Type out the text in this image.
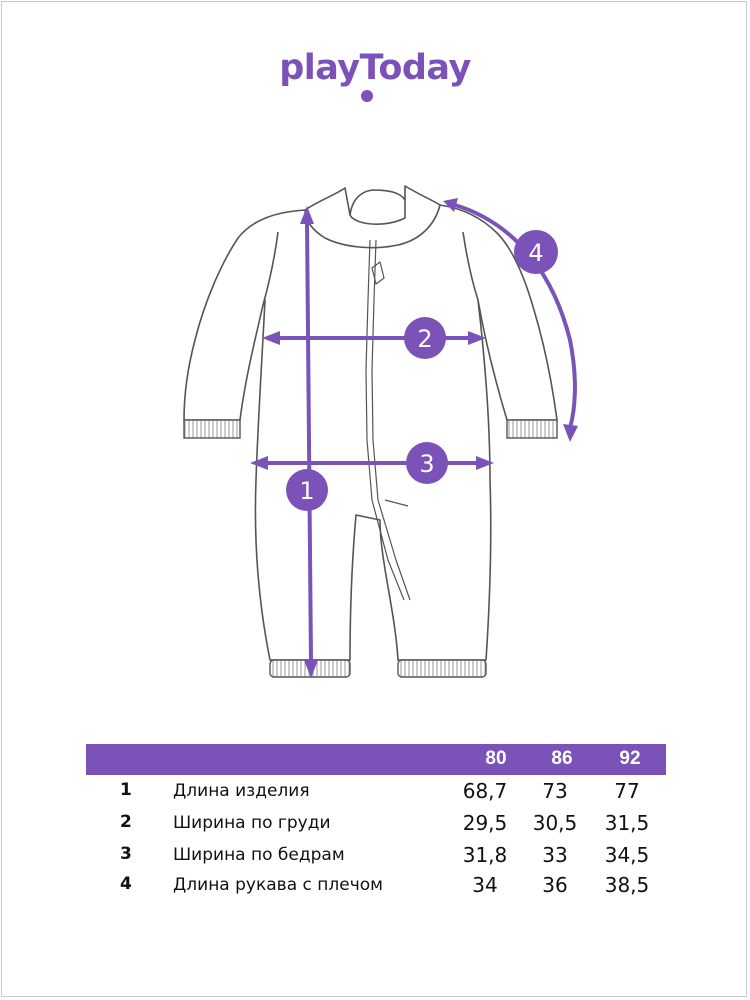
playToday
1
2
3
4
80	86	92
1 Длина изделия	68,7	73	77
2 Ширина по груди	29,5	30,5	31,5
3 Ширина по бедрам	31,8	33	34,5
4 Длина рукава с плечом	34	36	38,5
